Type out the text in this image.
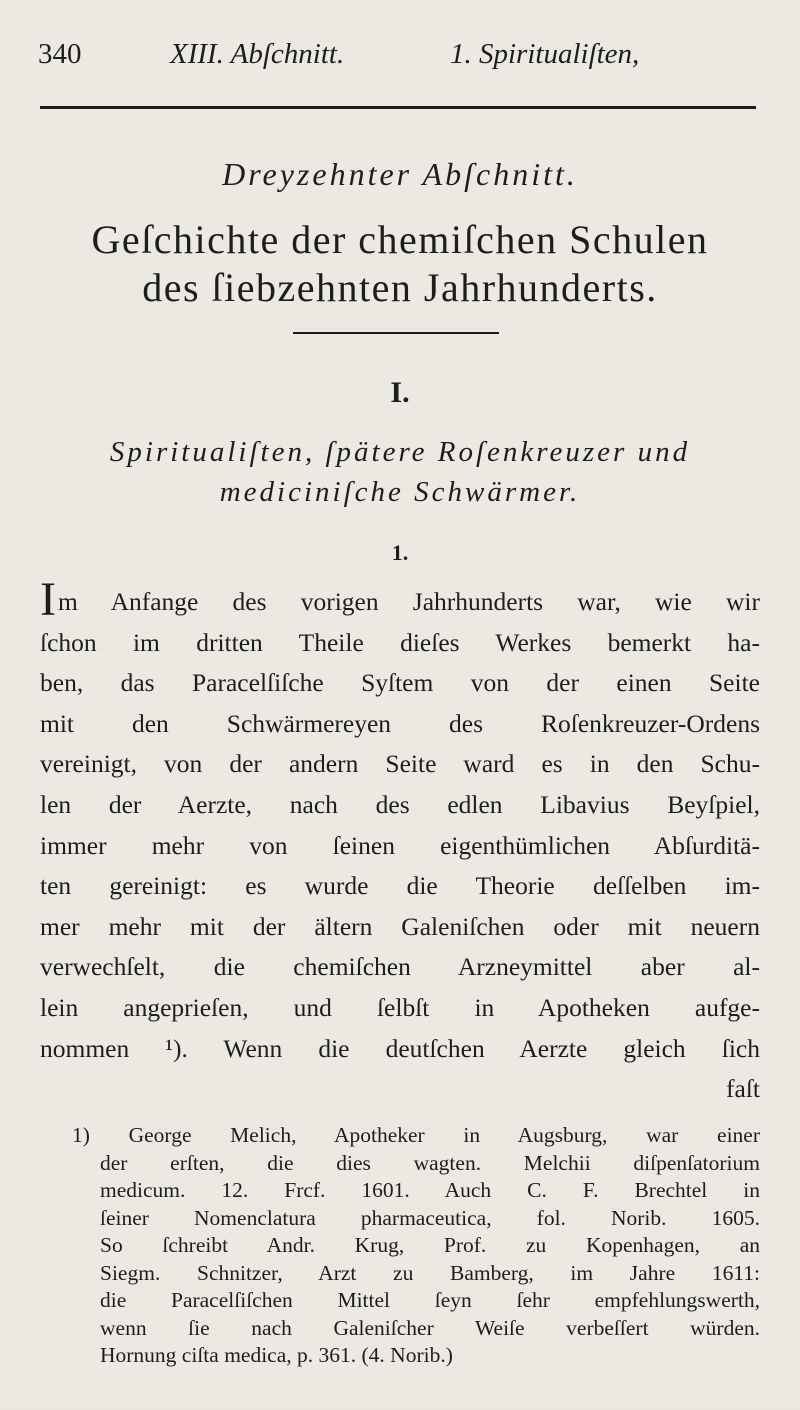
340	XIII. Abſchnitt.	1. Spiritualiſten,
Dreyzehnter Abſchnitt.
Geſchichte der chemiſchen Schulen
des ſiebzehnten Jahrhunderts.
I.
Spiritualiſten, ſpätere Roſenkreuzer und
mediciniſche Schwärmer.
1.
Im Anfange des vorigen Jahrhunderts war, wie wir
ſchon im dritten Theile dieſes Werkes bemerkt ha-
ben, das Paracelſiſche Syſtem von der einen Seite
mit den Schwärmereyen des Roſenkreuzer-Ordens
vereinigt, von der andern Seite ward es in den Schu-
len der Aerzte, nach des edlen Libavius Beyſpiel,
immer mehr von ſeinen eigenthümlichen Abſurditä-
ten gereinigt: es wurde die Theorie deſſelben im-
mer mehr mit der ältern Galeniſchen oder mit neuern
verwechſelt, die chemiſchen Arzneymittel aber al-
lein angeprieſen, und ſelbſt in Apotheken aufge-
nommen ¹). Wenn die deutſchen Aerzte gleich ſich
faſt
1) George Melich, Apotheker in Augsburg, war einer
der erſten, die dies wagten. Melchii diſpenſatorium
medicum. 12. Frcf. 1601. Auch C. F. Brechtel in
ſeiner Nomenclatura pharmaceutica, fol. Norib. 1605.
So ſchreibt Andr. Krug, Prof. zu Kopenhagen, an
Siegm. Schnitzer, Arzt zu Bamberg, im Jahre 1611:
die Paracelſiſchen Mittel ſeyn ſehr empfehlungswerth,
wenn ſie nach Galeniſcher Weiſe verbeſſert würden.
Hornung ciſta medica, p. 361. (4. Norib.)
